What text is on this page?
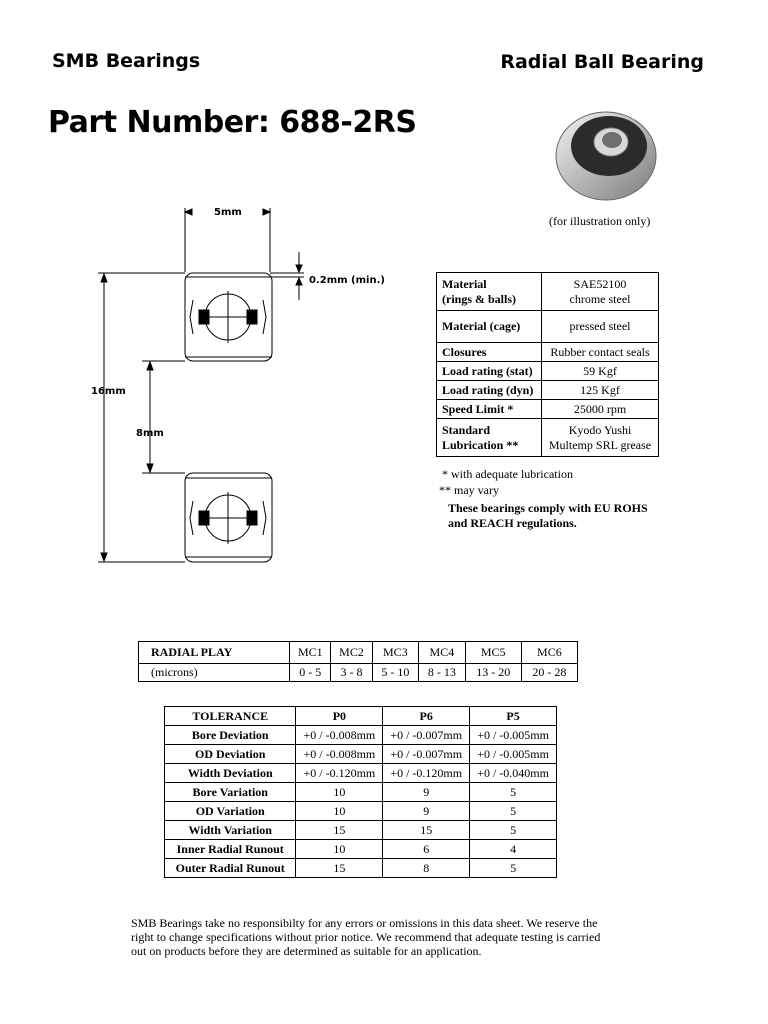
SMB Bearings	Radial Ball Bearing
Part Number: 688-2RS
(for illustration only)
5mm
0.2mm (min.)
16mm
8mm
Material
(rings & balls)	SAE52100
chrome steel
Material (cage)	pressed steel
Closures	Rubber contact seals
Load rating (stat)	59 Kgf
Load rating (dyn)	125 Kgf
Speed Limit *	25000 rpm
Standard
Lubrication **	Kyodo Yushi
Multemp SRL grease
* with adequate lubrication
** may vary
These bearings comply with EU ROHS and REACH regulations.
RADIAL PLAY	MC1	MC2	MC3	MC4	MC5	MC6
(microns)	0 - 5	3 - 8	5 - 10	8 - 13	13 - 20	20 - 28
TOLERANCE	P0	P6	P5
Bore Deviation	+0 / -0.008mm	+0 / -0.007mm	+0 / -0.005mm
OD Deviation	+0 / -0.008mm	+0 / -0.007mm	+0 / -0.005mm
Width Deviation	+0 / -0.120mm	+0 / -0.120mm	+0 / -0.040mm
Bore Variation	10	9	5
OD Variation	10	9	5
Width Variation	15	15	5
Inner Radial Runout	10	6	4
Outer Radial Runout	15	8	5
SMB Bearings take no responsibilty for any errors or omissions in this data sheet. We reserve the right to change specifications without prior notice. We recommend that adequate testing is carried out on products before they are determined as suitable for an application.
